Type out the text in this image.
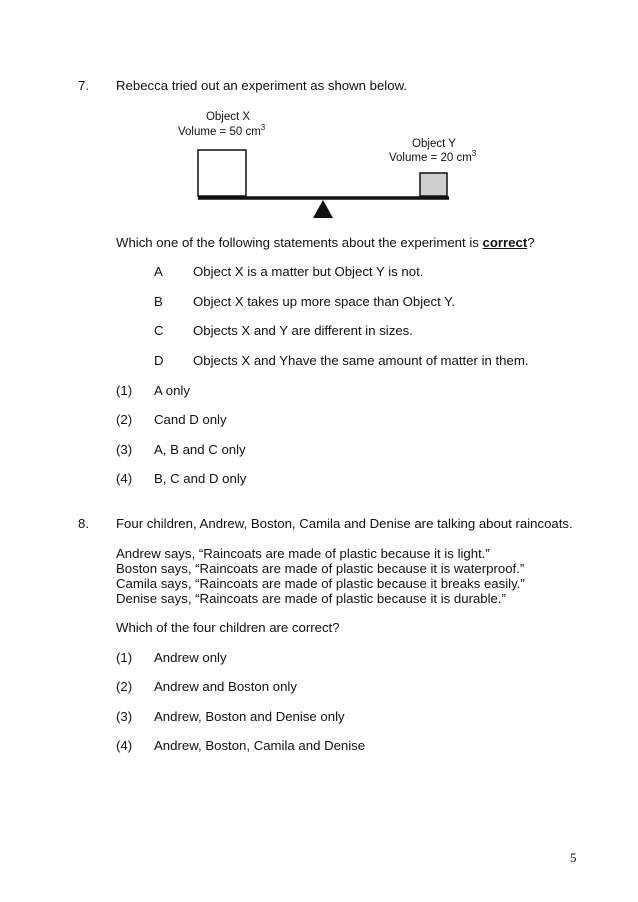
7. Rebecca tried out an experiment as shown below.
Object X
Volume = 50 $cm^3$
Object Y
Volume = 20 $cm^3$
Which one of the following statements about the experiment is correct?
A Object X is a matter but Object Y is not.
B Object X takes up more space than Object Y.
C Objects X and Y are different in sizes.
D Objects X and Yhave the same amount of matter in them.
(1) A only
(2) Cand D only
(3) A, B and C only
(4) B, C and D only
8. Four children, Andrew, Boston, Camila and Denise are talking about raincoats.
Andrew says, “Raincoats are made of plastic because it is light.”
Boston says, “Raincoats are made of plastic because it is waterproof.”
Camila says, “Raincoats are made of plastic because it breaks easily.”
Denise says, “Raincoats are made of plastic because it is durable.”
Which of the four children are correct?
(1) Andrew only
(2) Andrew and Boston only
(3) Andrew, Boston and Denise only
(4) Andrew, Boston, Camila and Denise
5
